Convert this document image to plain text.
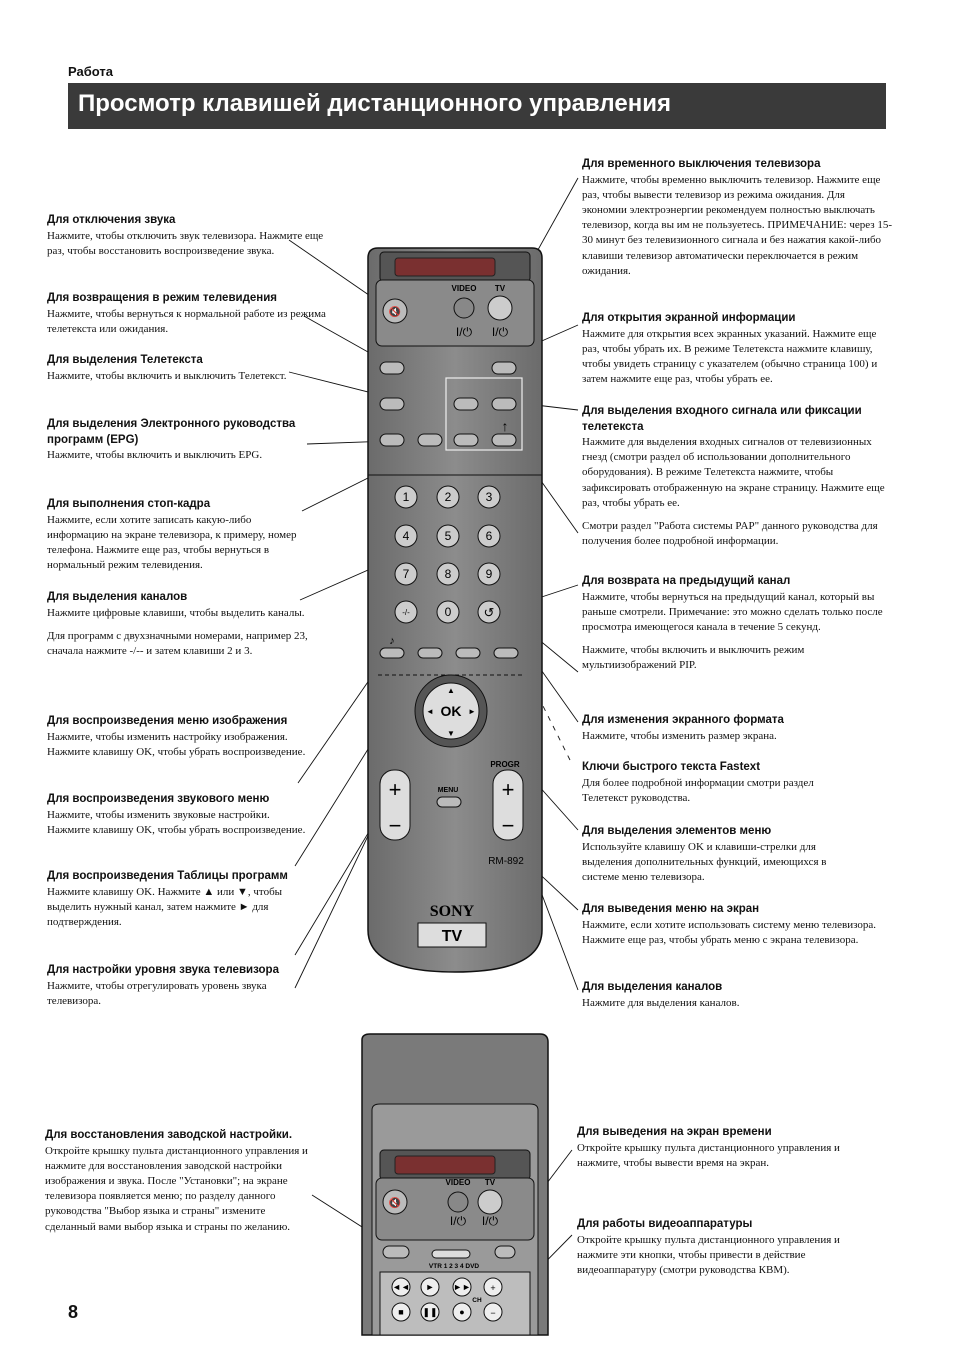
Работа
Просмотр клавишей дистанционного управления
Для отключения звука

Нажмите, чтобы отключить звук телевизора. Нажмите еще раз, чтобы восстановить воспроизведение звука.

Для возвращения в режим телевидения

Нажмите, чтобы вернуться к нормальной работе из режима телетекста или ожидания.

Для выделения Телетекста

Нажмите, чтобы включить и выключить Телетекст.

Для выделения Электронного руководства программ (EPG)

Нажмите, чтобы включить и выключить EPG.

Для выполнения стоп-кадра

Нажмите, если хотите записать какую-либо информацию на экране телевизора, к примеру, номер телефона. Нажмите еще раз, чтобы вернуться в нормальный режим телевидения.

Для выделения каналов

Нажмите цифровые клавиши, чтобы выделить каналы.

Для программ с двухзначными номерами, например 23, сначала нажмите -/-- и затем клавиши 2 и 3.

Для воспроизведения меню изображения

Нажмите, чтобы изменить настройку изображения. Нажмите клавишу OK, чтобы убрать воспроизведение.

Для воспроизведения звукового меню

Нажмите, чтобы изменить звуковые настройки. Нажмите клавишу OK, чтобы убрать воспроизведение.

Для воспроизведения Таблицы программ

Нажмите клавишу OK. Нажмите ▲ или ▼, чтобы выделить нужный канал, затем нажмите ► для подтверждения.

Для настройки уровня звука телевизора

Нажмите, чтобы отрегулировать уровень звука телевизора.

Для восстановления заводской настройки.

Откройте крышку пульта дистанционного управления и нажмите для восстановления заводской настройки изображения и звука. После "Установки"; на экране телевизора появляется меню; по разделу данного руководства "Выбор языка и страны" измените сделанный вами выбор языка и страны по желанию.

Для временного выключения телевизора

Нажмите, чтобы временно выключить телевизор. Нажмите еще раз, чтобы вывести телевизор из режима ожидания. Для экономии электроэнергии рекомендуем полностью выключать телевизор, когда вы им не пользуетесь. ПРИМЕЧАНИЕ: через 15-30 минут без телевизионного сигнала и без нажатия какой-либо клавиши телевизор автоматически переключается в режим ожидания.

Для открытия экранной информации

Нажмите для открытия всех экранных указаний. Нажмите еще раз, чтобы убрать их. В режиме Телетекста нажмите клавишу, чтобы увидеть страницу с указателем (обычно страница 100) и затем нажмите еще раз, чтобы убрать ее.

Для выделения входного сигнала или фиксации телетекста

Нажмите для выделения входных сигналов от телевизионных гнезд (смотри раздел об использовании дополнительного оборудования). В режиме Телетекста нажмите, чтобы зафиксировать отображенную на экране страницу. Нажмите еще раз, чтобы убрать ее.

Смотри раздел "Работа системы PAP" данного руководства для получения более подробной информации.

Для возврата на предыдущий канал

Нажмите, чтобы вернуться на предыдущий канал, который вы раньше смотрели. Примечание: это можно сделать только после просмотра имеющегося канала в течение 5 секунд.

Нажмите, чтобы включить и выключить режим мультиизображений PIP.

Для изменения экранного формата

Нажмите, чтобы изменить размер экрана.

Ключи быстрого текста Fastext

Для более подробной информации смотри раздел Телетекст руководства.

Для выделения элементов меню

Используйте клавишу OK и клавиши-стрелки для выделения дополнительных функций, имеющихся в системе меню телевизора.

Для выведения меню на экран

Нажмите, если хотите использовать систему меню телевизора. Нажмите еще раз, чтобы убрать меню с экрана телевизора.

Для выделения каналов

Нажмите для выделения каналов.

Для выведения на экран времени

Откройте крышку пульта дистанционного управления и нажмите, чтобы вывести время на экран.

Для работы видеоаппаратуры

Откройте крышку пульта дистанционного управления и нажмите эти кнопки, чтобы привести в действие видеоаппаратуру (смотри руководства КВМ).

8
🔇
VIDEO TV
I/⏻ I/⏻
↑
1	2	3
4	5	6
7	8	9
-/-	0 ↺
♪
OK
▲
▼
◄	►
+
−
+
−
PROGR
MENU
RM-892
SONY
TV
🔇
VIDEO TV
I/⏻ I/⏻
VTR 1 2 3 4 DVD
◄◄ ► ►► +
■ ❚❚ ●	−
CH
